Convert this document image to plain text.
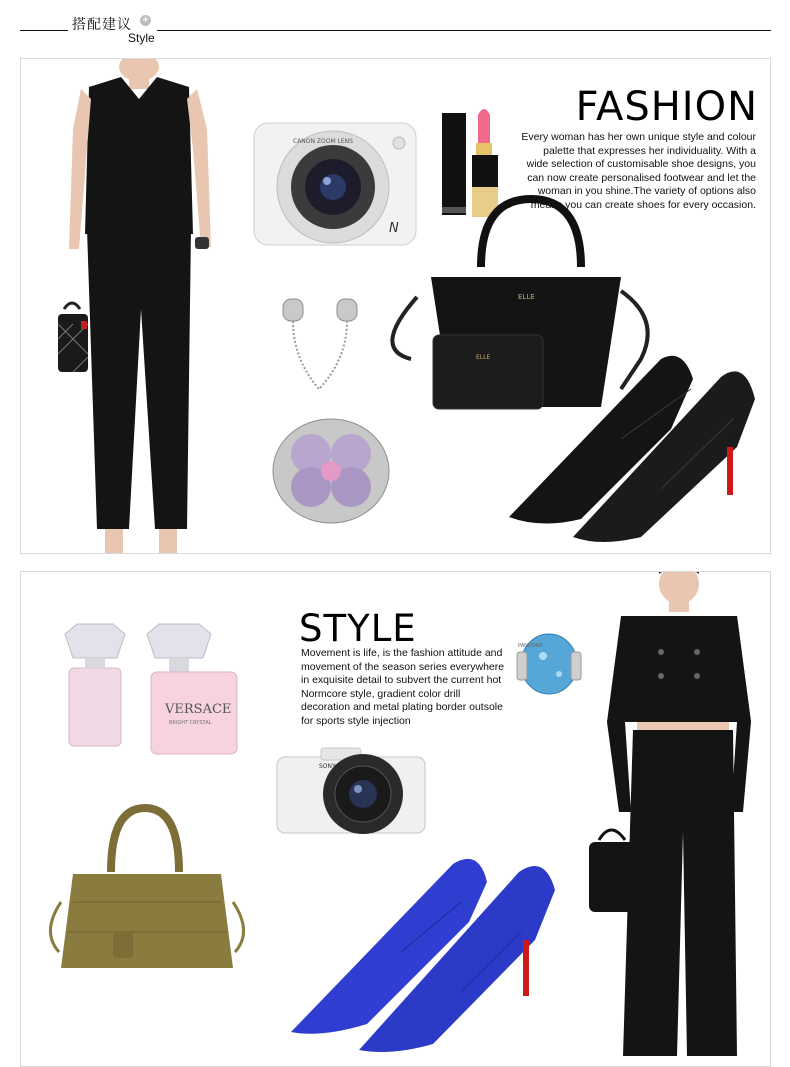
搭配建议 +
Style
CANON ZOOM LENS
N
ELLE
ELLE
FASHION
Every woman has her own unique style and colour palette that expresses her individuality. With a wide selection of customisable shoe designs, you can now create personalised footwear and let the woman in you shine.The variety of options also means you can create shoes for every occasion.
VERSACE
BRIGHT CRYSTAL
PANDORA
SONY
STYLE
Movement is life, is the fashion attitude and movement of the season series everywhere in exquisite detail to subvert the current hot Normcore style, gradient color drill decoration and metal plating border outsole for sports style injection
